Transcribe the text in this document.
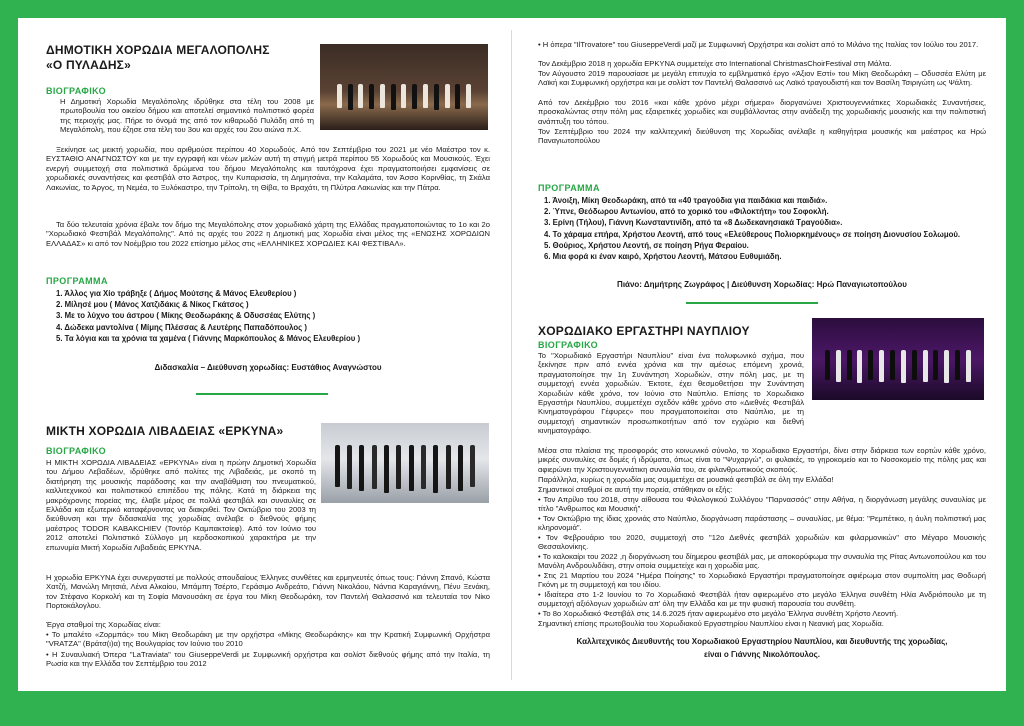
ΔΗΜΟΤΙΚΗ ΧΟΡΩΔΙΑ ΜΕΓΑΛΟΠΟΛΗΣ
«Ο ΠΥΛΑΔΗΣ»
ΒΙΟΓΡΑΦΙΚΟ

Η Δημοτική Χορωδία Μεγαλόπολης ιδρύθηκε στα τέλη του 2008 με πρωτοβουλία του οικείου δήμου και αποτελεί σημαντικό πολιτιστικό φορέα της περιοχής μας. Πήρε το όνομά της από τον κιθαρωδό Πυλάδη από τη Μεγαλόπολη, που έζησε στα τέλη του 3ου και αρχές του 2ου αιώνα π.Χ.

Ξεκίνησε ως μεικτή χορωδία, που αριθμούσε περίπου 40 Χορωδούς. Από τον Σεπτέμβριο του 2021 με νέο Μαέστρο τον κ. ΕΥΣΤΑΘΙΟ ΑΝΑΓΝΩΣΤΟΥ και με την εγγραφή και νέων μελών αυτή τη στιγμή μετρά περίπου 55 Χορωδούς και Μουσικούς. Έχει ενεργή συμμετοχή στα πολιτιστικά δρώμενα του δήμου Μεγαλόπολης και ταυτόχρονα έχει πραγματοποιήσει εμφανίσεις σε χορωδιακές συναντήσεις και φεστιβάλ στο Άστρος, την Κυπαρισσία, τη Δημητσάνα, την Καλαμάτα, τον Άσσο Κορινθίας, τη Σκάλα Λακωνίας, το Άργος, τη Νεμέα, το Ξυλόκαστρο, την Τρίπολη, τη Θίβα, το Βραχάτι, τη Πλύτρα Λακωνίας και την Πάτρα.

Τα δύο τελευταία χρόνια έβαλε τον δήμο της Μεγαλόπολης στον χορωδιακό χάρτη της Ελλάδας πραγματοποιώντας το 1ο και 2ο "Χορωδιακό Φεστιβάλ Μεγαλόπολης". Από τις αρχές του 2022 η Δημοτική μας Χορωδία είναι μέλος της «ΕΝΩΣΗΣ ΧΟΡΩΔΙΩΝ ΕΛΛΑΔΑΣ» κι από τον Νοέμβριο του 2022 επίσημο μέλος στις «ΕΛΛΗΝΙΚΕΣ ΧΟΡΩΔΙΕΣ ΚΑΙ ΦΕΣΤΙΒΑΛ».

ΠΡΟΓΡΑΜΜΑ
1. Άλλος για Χίο τράβηξε ( Δήμος Μούτσης & Μάνος Ελευθερίου )
2. Μίλησέ μου ( Μάνος Χατζιδάκις & Νίκος Γκάτσος )
3. Με το λύχνο του άστρου ( Μίκης Θεοδωράκης & Οδυσσέας Ελύτης )
4. Δώδεκα μαντολίνα ( Μίμης Πλέσσας & Λευτέρης Παπαδόπουλος )
5. Τα λόγια και τα χρόνια τα χαμένα ( Γιάννης Μαρκόπουλος & Μάνος Ελευθερίου )
Διδασκαλία – Διεύθυνση χορωδίας: Ευστάθιος Αναγνώστου
ΜΙΚΤΗ ΧΟΡΩΔΙΑ ΛΙΒΑΔΕΙΑΣ «ΕΡΚΥΝΑ»
ΒΙΟΓΡΑΦΙΚΟ

Η ΜΙΚΤΗ ΧΟΡΩΔΙΑ ΛΙΒΑΔΕΙΑΣ «ΕΡΚΥΝΑ» είναι η πρώην Δημοτική Χορωδία του Δήμου Λεβαδέων, ιδρύθηκε από πολίτες της Λιβαδειάς, με σκοπό τη διατήρηση της μουσικής παράδοσης και την αναβάθμιση του πνευματικού, καλλιτεχνικού και πολιτιστικού επιπέδου της πόλης. Κατά τη διάρκεια της μακρόχρονης πορείας της, έλαβε μέρος σε πολλά φεστιβάλ και συναυλίες σε Ελλάδα και εξωτερικό καταφέρνοντας να διακριθεί. Τον Οκτώβριο του 2003 τη διεύθυνση και την διδασκαλία της χορωδίας ανέλαβε ο διεθνούς φήμης μαέστρος TODOR KABAKCHIEV (Τοντόρ Καμπακτσίεφ). Από τον Ιούνιο του 2012 αποτελεί Πολιτιστικό Σύλλογο μη κερδοσκοπικού χαρακτήρα με την επωνυμία Μικτή Χορωδία Λιβαδειάς ΕΡΚΥΝΑ.

Η χορωδία ΕΡΚΥΝΑ έχει συνεργαστεί με πολλούς σπουδαίους Έλληνες συνθέτες και ερμηνευτές όπως τους: Γιάννη Σπανό, Κώστα Χατζή, Μανώλη Μητσιά, Λένα Αλκαίου, Μπάμπη Τσέρτο, Γεράσιμο Ανδρεάτο, Γιάννη Νικολάου, Νάντια Καραγιάννη, Πένυ Ξενάκη, τον Στέφανο Κορκολή και τη Σοφία Μανουσάκη σε έργα του Μίκη Θεοδωράκη, τον Παντελή Θαλασσινό και τελευταία τον Νίκο Πορτοκάλογλου.

Έργα σταθμοί της Χορωδίας είναι:

• Το μπαλέτο «Ζορμπάς» του Μίκη Θεοδωράκη με την ορχήστρα «Μίκης Θεοδωράκης» και την Κρατική Συμφωνική Ορχήστρα "VRATZA" (Βράτσ(ι)α) της Βουλγαρίας τον Ιούνιο του 2010

• Η Συναυλιακή Όπερα "LaTraviata" του GiuseppeVerdi με Συμφωνική ορχήστρα και σολίστ διεθνούς φήμης από την Ιταλία, τη Ρωσία και την Ελλάδα τον Σεπτέμβριο του 2012

• Η όπερα "IlTrovatore" του GiuseppeVerdi μαζί με Συμφωνική Ορχήστρα και σολίστ από το Μιλάνο της Ιταλίας τον Ιούλιο του 2017.

Τον Δεκέμβριο 2018 η χορωδία ΕΡΚΥΝΑ συμμετείχε στο International ChristmasChoirFestival στη Μάλτα.

Τον Αύγουστο 2019 παρουσίασε με μεγάλη επιτυχία το εμβληματικό έργο «Άξιον Εστί» του Μίκη Θεοδωράκη – Οδυσσέα Ελύτη με Λαϊκή και Συμφωνική ορχήστρα και με σολίστ τον Παντελή Θαλασσινό ως Λαϊκό τραγουδιστή και τον Βασίλη Τσιριγώτη ως Ψάλτη.

Από τον Δεκέμβριο του 2016 «και κάθε χρόνο μέχρι σήμερα» διοργανώνει Χριστουγεννιάτικες Χορωδιακές Συναντήσεις, προσκαλώντας στην πόλη μας εξαιρετικές χορωδίες και συμβάλλοντας στην ανάδειξη της χορωδιακής μουσικής και την πολιτιστική ανάπτυξη του τόπου.

Τον Σεπτέμβριο του 2024 την καλλιτεχνική διεύθυνση της Χορωδίας ανέλαβε η καθηγήτρια μουσικής και μαέστρος κα Ηρώ Παναγιωτοπούλου

ΠΡΟΓΡΑΜΜΑ
1. Άνοιξη, Μίκη Θεοδωράκη, από τα «40 τραγούδια για παιδάκια και παιδιά».
2. Ύπνε, Θεόδωρου Αντωνίου, από το χορικό του «Φιλοκτήτη» του Σοφοκλή.
3. Ερίνη (Τήλου), Γιάννη Κωνσταντινίδη, από τα «8 Δωδεκανησιακά Τραγούδια».
4. Το χάραμα επήρα, Χρήστου Λεοντή, από τους «Ελεύθερους Πολιορκημένους» σε ποίηση Διονυσίου Σολωμού.
5. Θούριος, Χρήστου Λεοντή, σε ποίηση Ρήγα Φεραίου.
6. Μια φορά κι έναν καιρό, Χρήστου Λεοντή, Μάτσου Ευθυμιάδη.
Πιάνο: Δημήτρης Ζωγράφος | Διεύθυνση Χορωδίας: Ηρώ Παναγιωτοπούλου
ΧΟΡΩΔΙΑΚΟ ΕΡΓΑΣΤΗΡΙ ΝΑΥΠΛΙΟΥ
ΒΙΟΓΡΑΦΙΚΟ

Το "Χορωδιακό Εργαστήρι Ναυπλίου" είναι ένα πολυφωνικό σχήμα, που ξεκίνησε πριν από εννέα χρόνια και την αμέσως επόμενη χρονιά, πραγματοποίησε την 1η Συνάντηση Χορωδιών, στην πόλη μας, με τη συμμετοχή εννέα χορωδιών. Έκτοτε, έχει θεσμοθετήσει την Συνάντηση Χορωδιών κάθε χρόνο, τον Ιούνιο στο Ναύπλιο. Επίσης το Χορωδιακο Εργαστήρι Ναυπλίου, συμμετέχει σχεδόν κάθε χρόνο στο «Διεθνές Φεστιβάλ Κινηματογράφου Γέφυρες» που πραγματοποιείται στο Ναύπλιο, με τη συμμετοχή σημαντικών προσωπικοτήτων από τον εγχώριο και διεθνή κινηματογράφο.

Μέσα στα πλαίσια της προσφοράς στο κοινωνικό σύνολο, το Χορωδιακο Εργαστήρι, δίνει στην διάρκεια των εορτών κάθε χρόνο, μικρές συναυλίες σε δομές ή ιδρύματα, όπως είναι το "Ψυχαργώ", οι φυλακές, το γηροκομείο και το Νοσοκομείο της πόλης μας και αφιερώνει την Χριστουγεννιάτικη συναυλία του, σε φιλανθρωπικούς σκοπούς.

Παράλληλα, κυρίως η χορωδία μας συμμετέχει σε μουσικά φεστιβάλ σε όλη την Ελλάδα!

Σημαντικοί σταθμοί σε αυτή την πορεία, στάθηκαν οι εξής:

• Τον Απρίλιο του 2018, στην αίθουσα του Φιλολογικού Συλλόγου "Παρνασσός" στην Αθήνα, η διοργάνωση μεγάλης συναυλίας με τίτλο "Ανθρωπος και Μουσική".

• Τον Οκτώβριο της ίδιας χρονιάς στο Ναύπλιο, διοργάνωση παράστασης – συναυλίας, με θέμα: "Ρεμπέτικο, η άυλη πολιτιστική μας κληρονομιά".

• Τον Φεβρουάριο του 2020, συμμετοχή στο "12ο Διεθνές φεστιβάλ χορωδιών και φιλαρμονικών" στο Μέγαρο Μουσικής Θεσσαλονίκης.

• Το καλοκαίρι του 2022 ,η διοργάνωση του δίημερου φεστιβάλ μας, με αποκορύφωμα την συναυλία της Ρίτας Αντωνοπούλου και του Μανόλη Ανδρουλιδάκη, στην οποία συμμετείχε και η χορωδία μας.

• Στις 21 Μαρτίου του 2024 "Ημέρα Ποίησης" το Χορωδιακό Εργαστήρι πραγματοποίησε αφιέρωμα στον συμπολίτη μας Θοδωρή Γκόνη με τη συμμετοχή και του ιδίου.

• Ιδιαίτερα στο 1-2 Ιουνίου το 7ο Χορωδιακό Φεστιβάλ ήταν αφιερωμένο στο μεγάλο Έλληνα συνθέτη Ηλία Ανδριόπουλο με τη συμμετοχή αξιόλογων χορωδιών απ' όλη την Ελλάδα και με την φυσική παρουσία του συνθέτη.

• Το 8ο Χορωδιακό Φεστιβάλ στις 14.6.2025 ήταν αφιερωμένο στο μεγάλο Έλληνα συνθέτη Χρήστο Λεοντή.

Σημαντική επίσης πρωτοβουλία του Χορωδιακού Εργαστηρίου Ναυπλίου είναι η Νεανική μας Χορωδία.

Καλλιτεχνικός Διευθυντής του Χορωδιακού Εργαστηρίου Ναυπλίου, και διευθυντής της χορωδίας,
είναι ο Γιάννης Νικολόπουλος.
